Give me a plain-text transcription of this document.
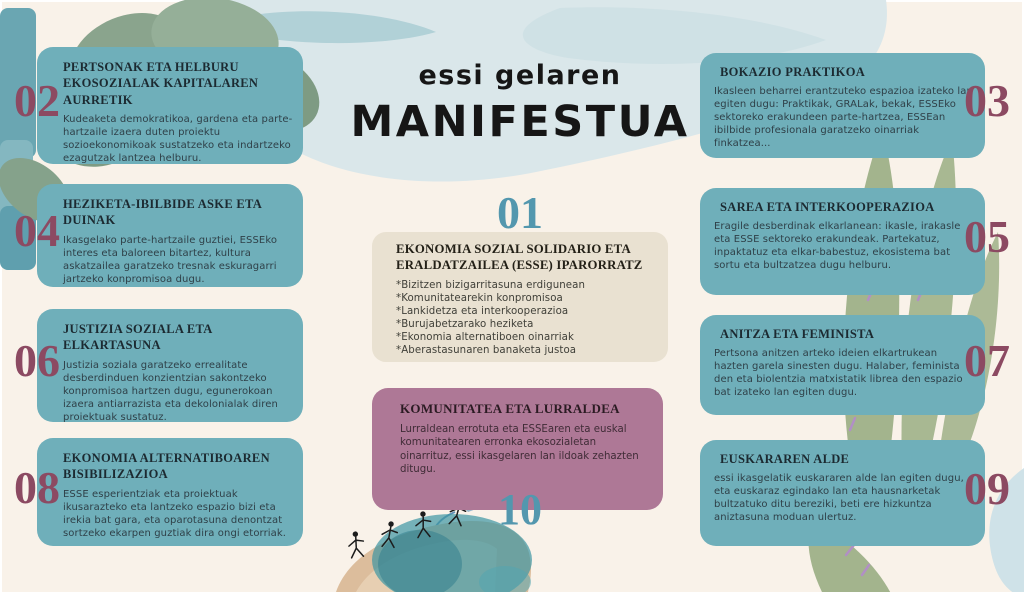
essi gelaren
MANIFESTUA
PERTSONAK ETA HELBURU EKOSOZIALAK KAPITALAREN AURRETIK

Kudeaketa demokratikoa, gardena eta parte-hartzaile izaera duten proiektu sozioekonomikoak sustatzeko eta indartzeko ezagutzak lantzea helburu.

02
HEZIKETA-IBILBIDE ASKE ETA DUINAK

Ikasgelako parte-hartzaile guztiei, ESSEko interes eta baloreen bitartez, kultura askatzailea garatzeko tresnak eskuragarri jartzeko konpromisoa dugu.

04
JUSTIZIA SOZIALA ETA ELKARTASUNA

Justizia soziala garatzeko errealitate desberdinduen konzientzian sakontzeko konpromisoa hartzen dugu, egunerokoan izaera antiarrazista eta dekolonialak diren proiektuak sustatuz.

06
EKONOMIA ALTERNATIBOAREN BISIBILIZAZIOA

ESSE esperientziak eta proiektuak ikusarazteko eta lantzeko espazio bizi eta irekia bat gara, eta oparotasuna denontzat sortzeko ekarpen guztiak dira ongi etorriak.

08
BOKAZIO PRAKTIKOA

Ikasleen beharrei erantzuteko espazioa izateko lan egiten dugu: Praktikak, GRALak, bekak, ESSEko sektoreko erakundeen parte-hartzea, ESSEan ibilbide profesionala garatzeko oinarriak finkatzea...

03
SAREA ETA INTERKOOPERAZIOA

Eragile desberdinak elkarlanean: ikasle, irakasle eta ESSE sektoreko erakundeak. Partekatuz, inpaktatuz eta elkar-babestuz, ekosistema bat sortu eta bultzatzea dugu helburu.

05
ANITZA ETA FEMINISTA

Pertsona anitzen arteko ideien elkartrukean hazten garela sinesten dugu. Halaber, feminista den eta biolentzia matxistatik librea den espazio bat izateko lan egiten dugu.

07
EUSKARAREN ALDE

essi ikasgelatik euskararen alde lan egiten dugu, eta euskaraz egindako lan eta hausnarketak bultzatuko ditu bereziki, beti ere hizkuntza aniztasuna moduan ulertuz.

09
01
EKONOMIA SOZIAL SOLIDARIO ETA ERALDATZAILEA (ESSE) IPARORRATZ
*Bizitzen bizigarritasuna erdigunean
*Komunitatearekin konpromisoa
*Lankidetza eta interkooperazioa
*Burujabetzarako heziketa
*Ekonomia alternatiboen oinarriak
*Aberastasunaren banaketa justoa
KOMUNITATEA ETA LURRALDEA

Lurraldean errotuta eta ESSEaren eta euskal komunitatearen erronka ekosozialetan oinarrituz, essi ikasgelaren lan ildoak zehazten ditugu.

10
